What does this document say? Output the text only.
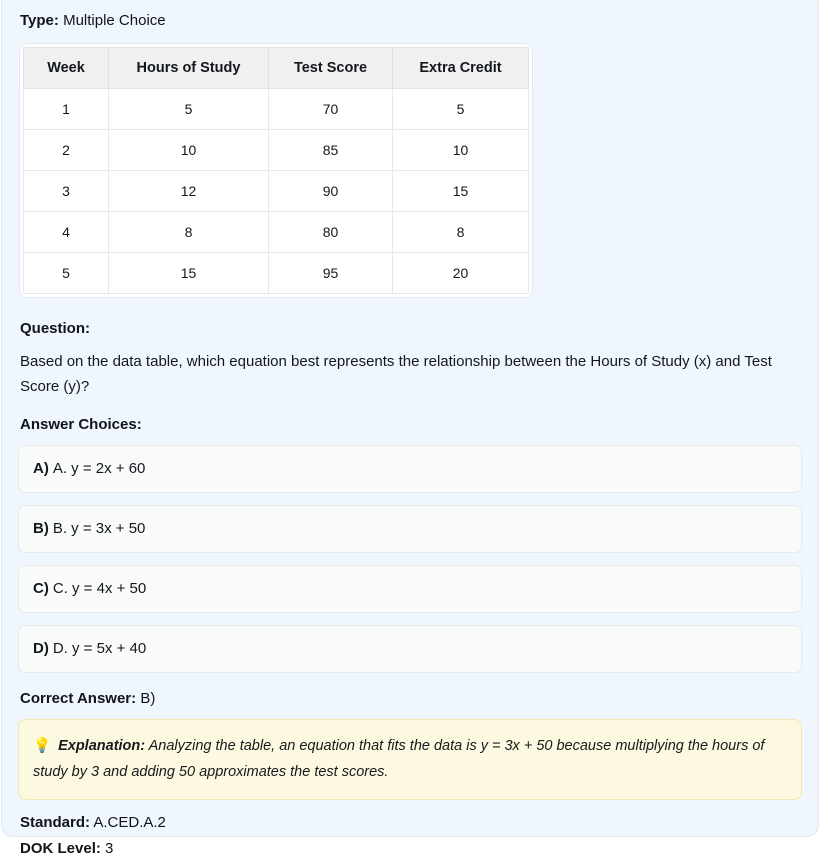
Type: Multiple Choice
Week	Hours of Study	Test Score	Extra Credit
1	5	70	5
2	10	85	10
3	12	90	15
4	8	80	8
5	15	95	20
Question:
Based on the data table, which equation best represents the relationship between the Hours of Study (x) and Test Score (y)?
Answer Choices:
A) A. y = 2x + 60
B) B. y = 3x + 50
C) C. y = 4x + 50
D) D. y = 5x + 40
Correct Answer: B)
💡 Explanation: Analyzing the table, an equation that fits the data is y = 3x + 50 because multiplying the hours of study by 3 and adding 50 approximates the test scores.
Standard: A.CED.A.2
DOK Level: 3
